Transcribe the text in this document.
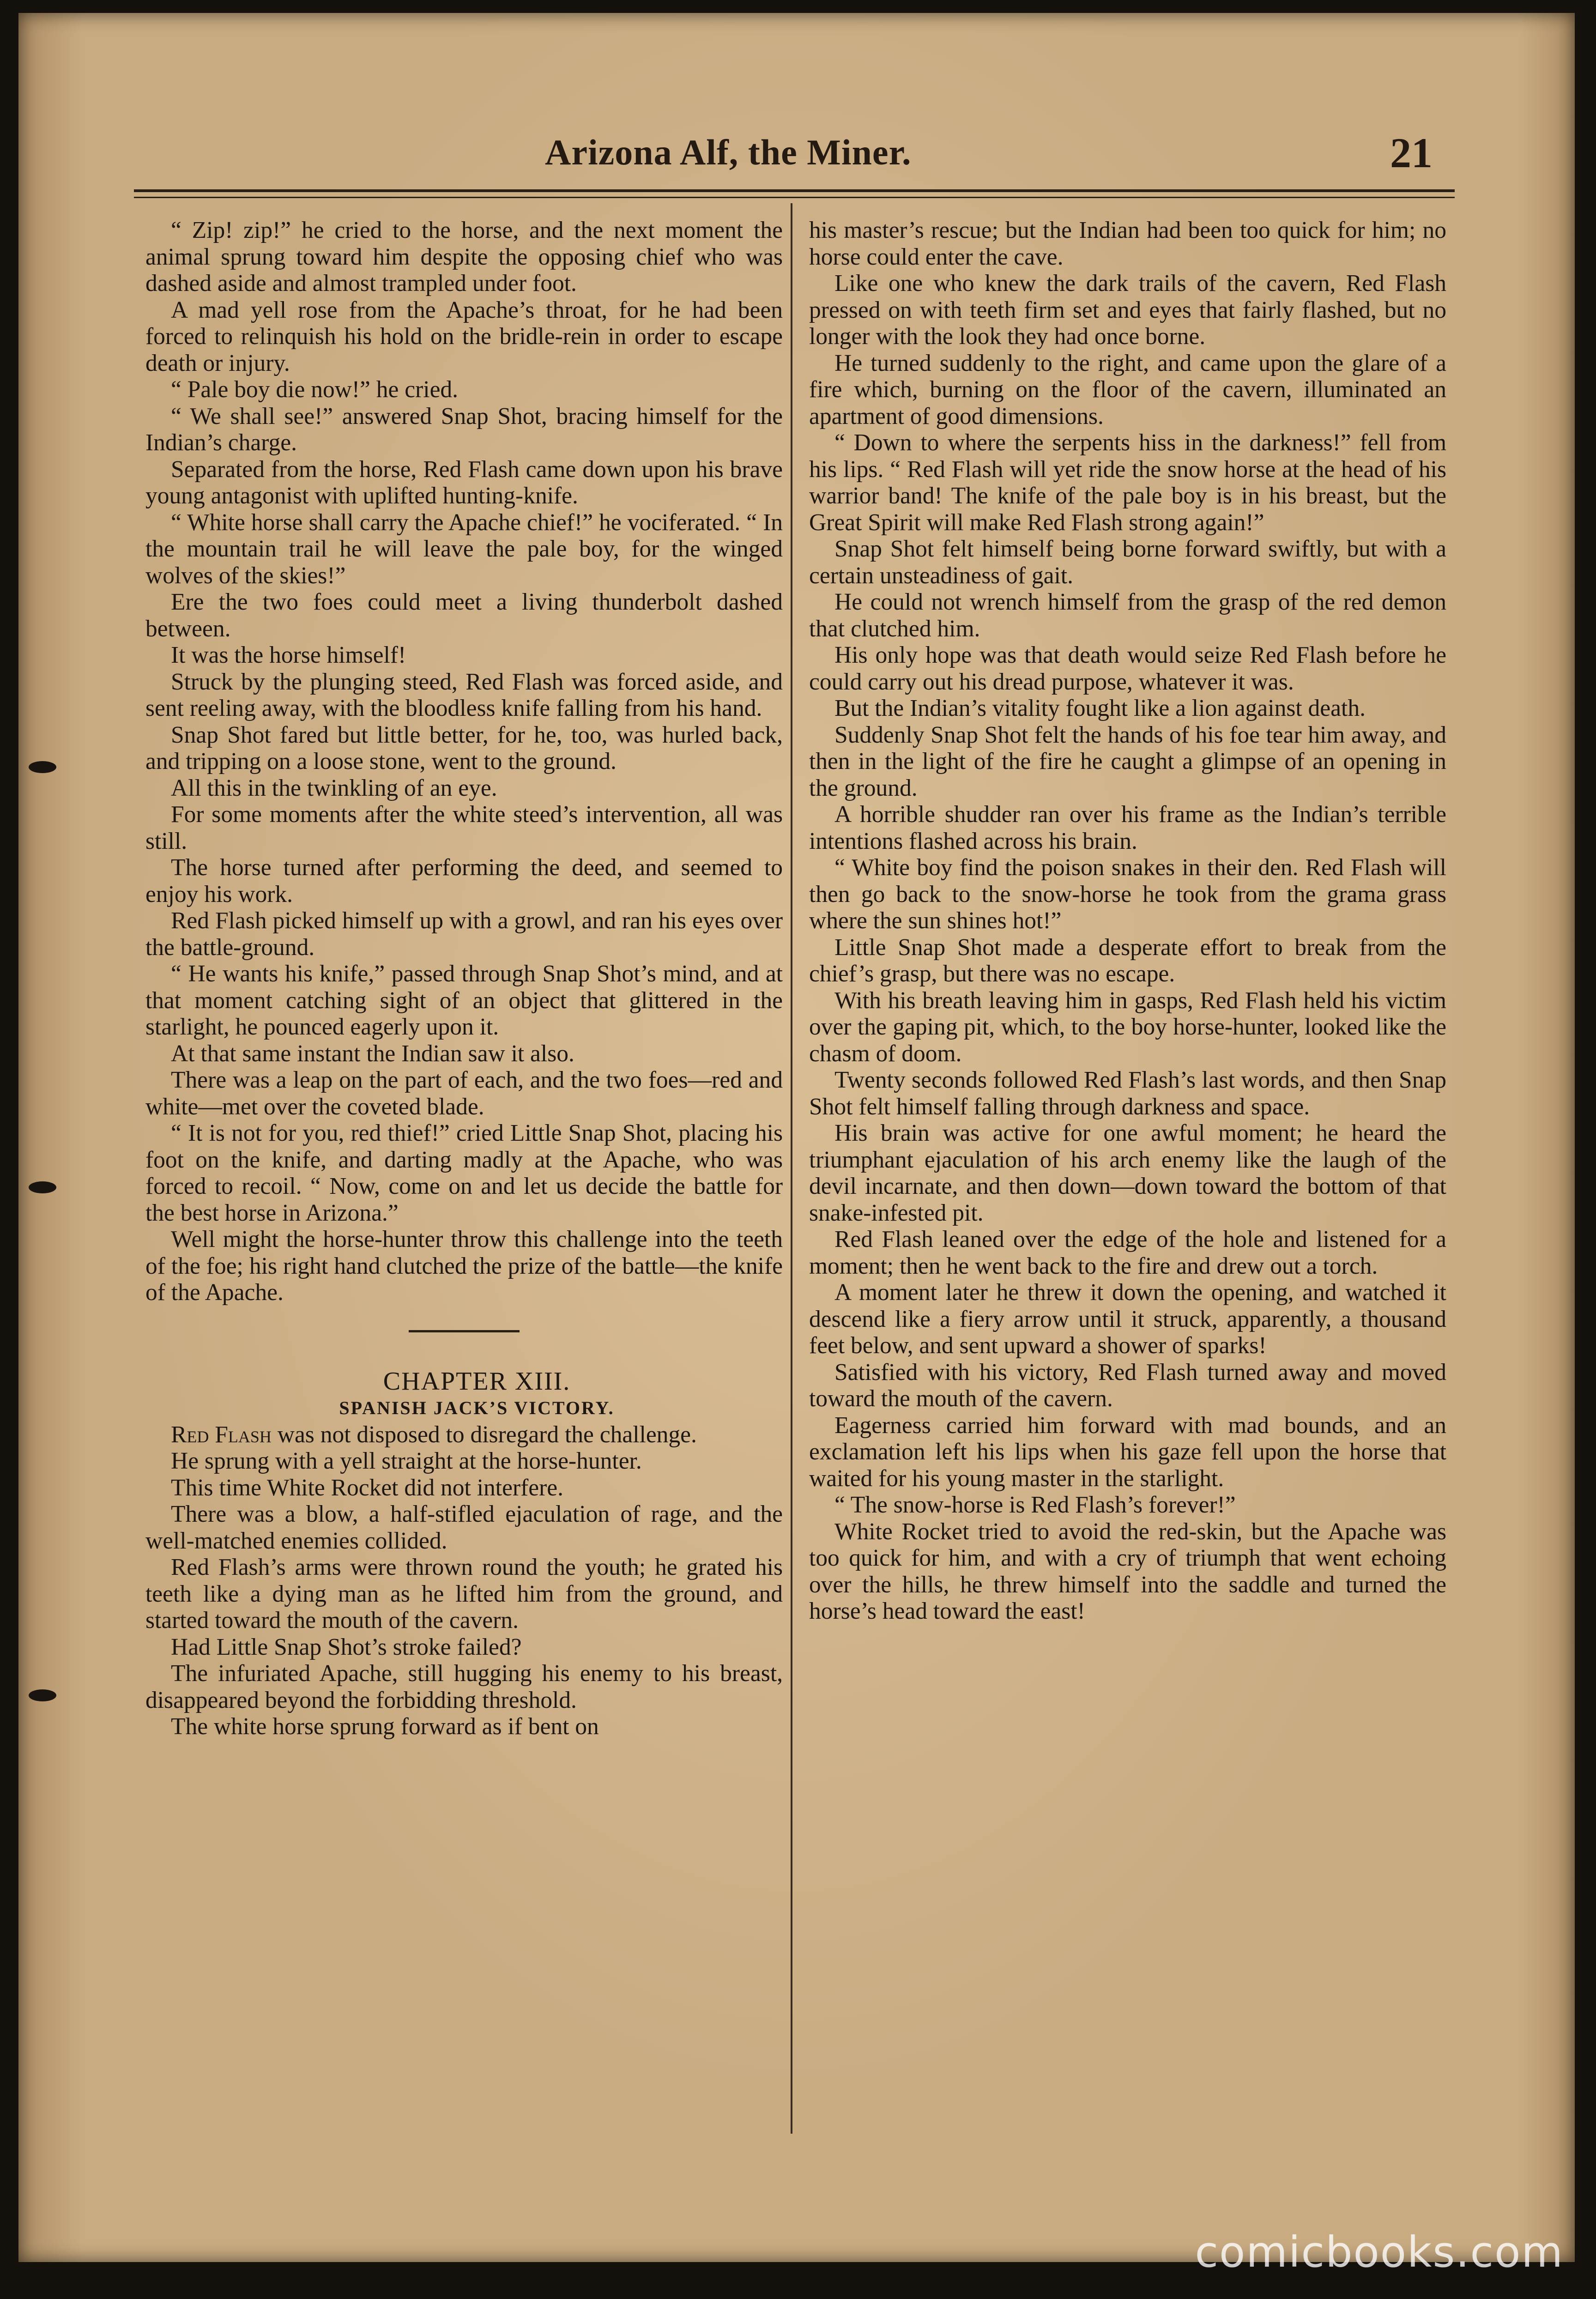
Arizona Alf, the Miner.	21

“ Zip! zip!” he cried to the horse, and the next moment the animal sprung toward him despite the opposing chief who was dashed aside and almost trampled under foot.

A mad yell rose from the Apache’s throat, for he had been forced to relinquish his hold on the bridle-rein in order to escape death or injury.

“ Pale boy die now!” he cried.

“ We shall see!” answered Snap Shot, bracing himself for the Indian’s charge.

Separated from the horse, Red Flash came down upon his brave young antagonist with uplifted hunting-knife.

“ White horse shall carry the Apache chief!” he vociferated. “ In the mountain trail he will leave the pale boy, for the winged wolves of the skies!”

Ere the two foes could meet a living thunderbolt dashed between.

It was the horse himself!

Struck by the plunging steed, Red Flash was forced aside, and sent reeling away, with the bloodless knife falling from his hand.

Snap Shot fared but little better, for he, too, was hurled back, and tripping on a loose stone, went to the ground.

All this in the twinkling of an eye.

For some moments after the white steed’s intervention, all was still.

The horse turned after performing the deed, and seemed to enjoy his work.

Red Flash picked himself up with a growl, and ran his eyes over the battle-ground.

“ He wants his knife,” passed through Snap Shot’s mind, and at that moment catching sight of an object that glittered in the starlight, he pounced eagerly upon it.

At that same instant the Indian saw it also.

There was a leap on the part of each, and the two foes—red and white—met over the coveted blade.

“ It is not for you, red thief!” cried Little Snap Shot, placing his foot on the knife, and darting madly at the Apache, who was forced to recoil. “ Now, come on and let us decide the battle for the best horse in Arizona.”

Well might the horse-hunter throw this challenge into the teeth of the foe; his right hand clutched the prize of the battle—the knife of the Apache.

CHAPTER XIII.

SPANISH JACK’S VICTORY.

Red Flash was not disposed to disregard the challenge.

He sprung with a yell straight at the horse-hunter.

This time White Rocket did not interfere.

There was a blow, a half-stifled ejaculation of rage, and the well-matched enemies collided.

Red Flash’s arms were thrown round the youth; he grated his teeth like a dying man as he lifted him from the ground, and started toward the mouth of the cavern.

Had Little Snap Shot’s stroke failed?

The infuriated Apache, still hugging his enemy to his breast, disappeared beyond the forbidding threshold.

The white horse sprung forward as if bent on

his master’s rescue; but the Indian had been too quick for him; no horse could enter the cave.

Like one who knew the dark trails of the cavern, Red Flash pressed on with teeth firm set and eyes that fairly flashed, but no longer with the look they had once borne.

He turned suddenly to the right, and came upon the glare of a fire which, burning on the floor of the cavern, illuminated an apartment of good dimensions.

“ Down to where the serpents hiss in the darkness!” fell from his lips. “ Red Flash will yet ride the snow horse at the head of his warrior band! The knife of the pale boy is in his breast, but the Great Spirit will make Red Flash strong again!”

Snap Shot felt himself being borne forward swiftly, but with a certain unsteadiness of gait.

He could not wrench himself from the grasp of the red demon that clutched him.

His only hope was that death would seize Red Flash before he could carry out his dread purpose, whatever it was.

But the Indian’s vitality fought like a lion against death.

Suddenly Snap Shot felt the hands of his foe tear him away, and then in the light of the fire he caught a glimpse of an opening in the ground.

A horrible shudder ran over his frame as the Indian’s terrible intentions flashed across his brain.

“ White boy find the poison snakes in their den. Red Flash will then go back to the snow-horse he took from the grama grass where the sun shines hot!”

Little Snap Shot made a desperate effort to break from the chief’s grasp, but there was no escape.

With his breath leaving him in gasps, Red Flash held his victim over the gaping pit, which, to the boy horse-hunter, looked like the chasm of doom.

Twenty seconds followed Red Flash’s last words, and then Snap Shot felt himself falling through darkness and space.

His brain was active for one awful moment; he heard the triumphant ejaculation of his arch enemy like the laugh of the devil incarnate, and then down—down toward the bottom of that snake-infested pit.

Red Flash leaned over the edge of the hole and listened for a moment; then he went back to the fire and drew out a torch.

A moment later he threw it down the opening, and watched it descend like a fiery arrow until it struck, apparently, a thousand feet below, and sent upward a shower of sparks!

Satisfied with his victory, Red Flash turned away and moved toward the mouth of the cavern.

Eagerness carried him forward with mad bounds, and an exclamation left his lips when his gaze fell upon the horse that waited for his young master in the starlight.

“ The snow-horse is Red Flash’s forever!”

White Rocket tried to avoid the red-skin, but the Apache was too quick for him, and with a cry of triumph that went echoing over the hills, he threw himself into the saddle and turned the horse’s head toward the east!

comicbooks.com
